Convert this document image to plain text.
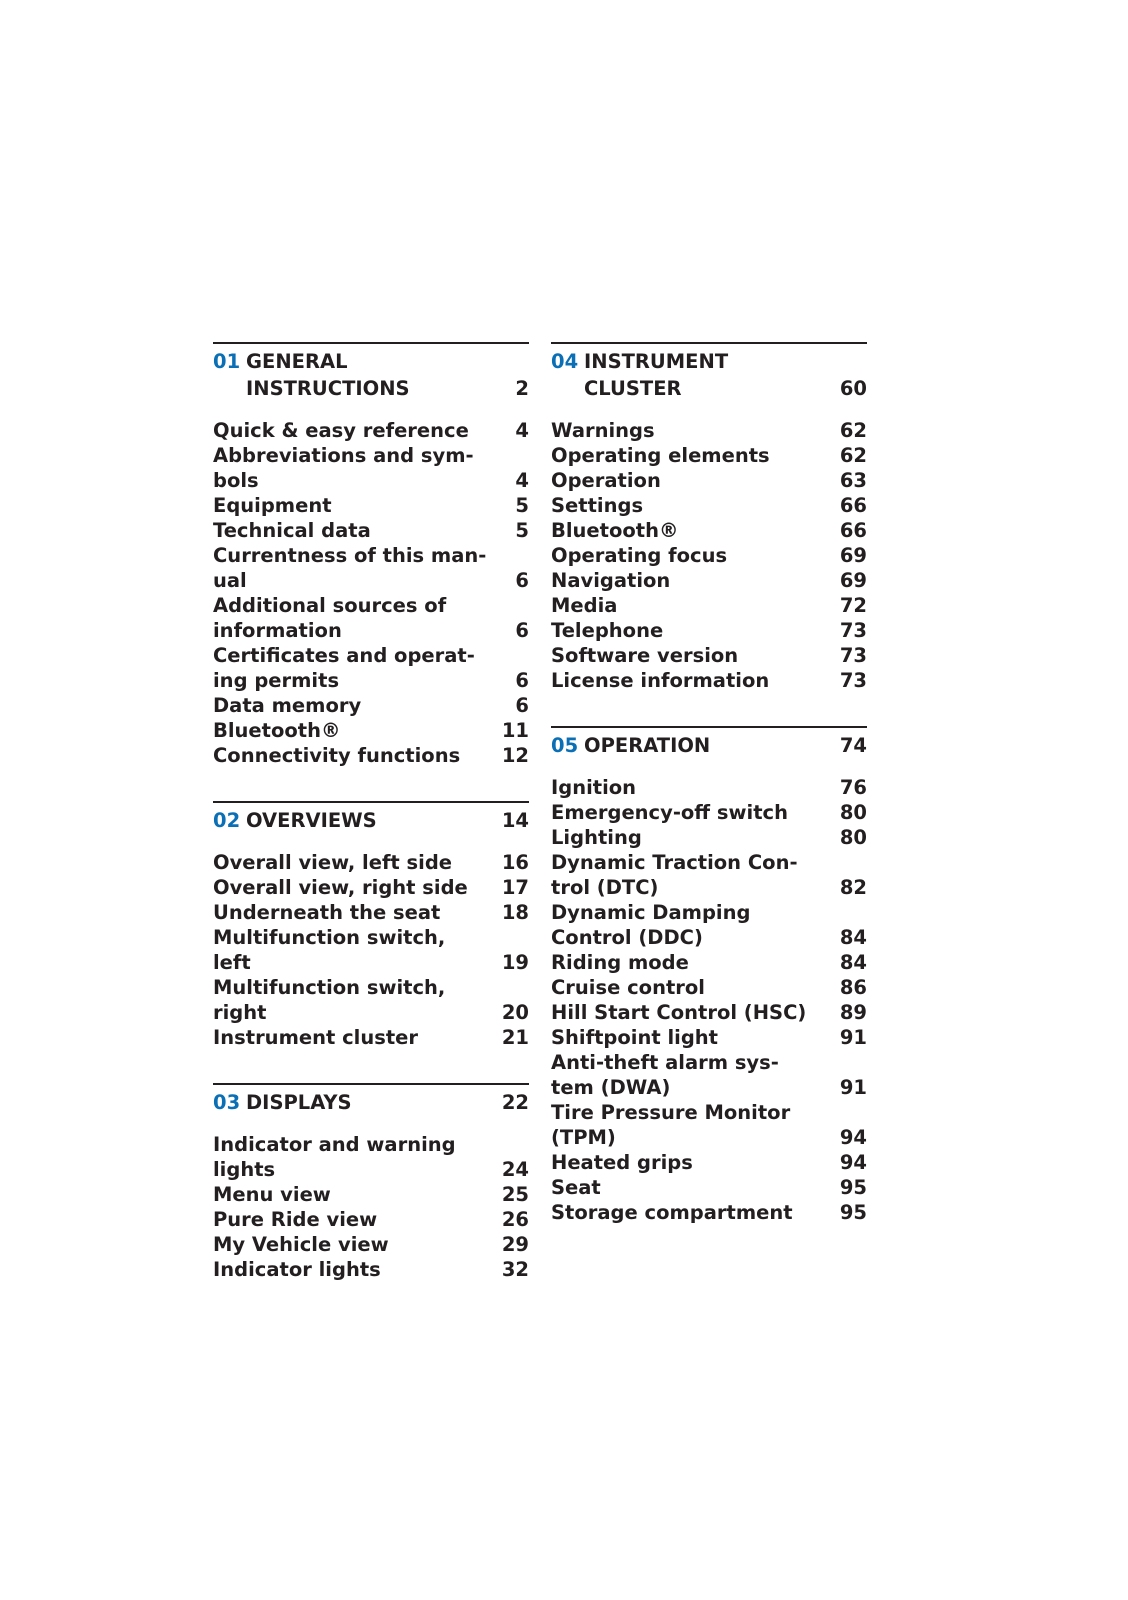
01 GENERAL
INSTRUCTIONS	2
Quick & easy reference	4
Abbreviations and sym-
bols	4
Equipment	5
Technical data	5
Currentness of this man-
ual	6
Additional sources of
information	6
Certificates and operat-
ing permits	6
Data memory	6
Bluetooth®	11
Connectivity functions	12
02 OVERVIEWS	14
Overall view, left side	16
Overall view, right side	17
Underneath the seat	18
Multifunction switch,
left	19
Multifunction switch,
right	20
Instrument cluster	21
03 DISPLAYS	22
Indicator and warning
lights	24
Menu view	25
Pure Ride view	26
My Vehicle view	29
Indicator lights	32
04 INSTRUMENT
CLUSTER	60
Warnings	62
Operating elements	62
Operation	63
Settings	66
Bluetooth®	66
Operating focus	69
Navigation	69
Media	72
Telephone	73
Software version	73
License information	73
05 OPERATION	74
Ignition	76
Emergency-off switch	80
Lighting	80
Dynamic Traction Con-
trol (DTC)	82
Dynamic Damping
Control (DDC)	84
Riding mode	84
Cruise control	86
Hill Start Control (HSC)	89
Shiftpoint light	91
Anti-theft alarm sys-
tem (DWA)	91
Tire Pressure Monitor
(TPM)	94
Heated grips	94
Seat	95
Storage compartment	95
